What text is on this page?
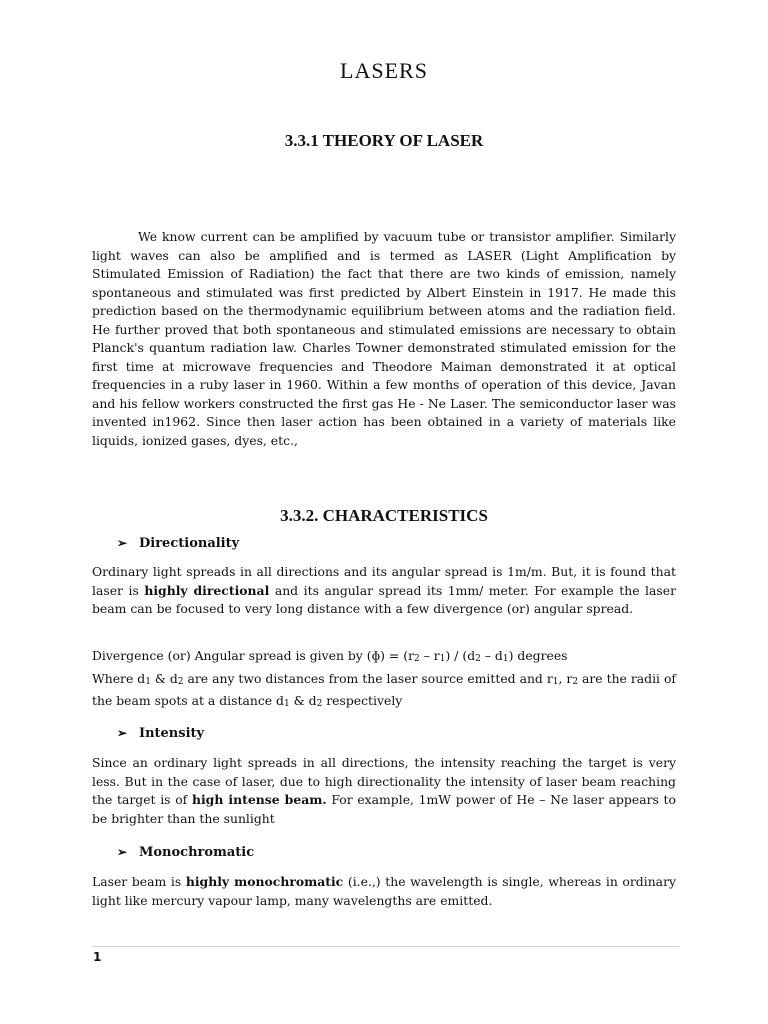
LASERS
3.3.1 THEORY OF LASER
We know current can be amplified by vacuum tube or transistor amplifier. Similarly light waves can also be amplified and is termed as LASER (Light Amplification by Stimulated Emission of Radiation) the fact that there are two kinds of emission, namely spontaneous and stimulated was first predicted by Albert Einstein in 1917. He made this prediction based on the thermodynamic equilibrium between atoms and the radiation field. He further proved that both spontaneous and stimulated emissions are necessary to obtain Planck's quantum radiation law. Charles Towner demonstrated stimulated emission for the first time at microwave frequencies and Theodore Maiman demonstrated it at optical frequencies in a ruby laser in 1960. Within a few months of operation of this device, Javan and his fellow workers constructed the first gas He - Ne Laser. The semiconductor laser was invented in1962. Since then laser action has been obtained in a variety of materials like liquids, ionized gases, dyes, etc.,
3.3.2. CHARACTERISTICS
➢ Directionality
Ordinary light spreads in all directions and its angular spread is 1m/m. But, it is found that laser is highly directional and its angular spread its 1mm/ meter. For example the laser beam can be focused to very long distance with a few divergence (or) angular spread.
Divergence (or) Angular spread is given by (ɸ) = (r2 – r1) / (d2 – d1) degrees
Where d1 & d2 are any two distances from the laser source emitted and r1, r2 are the radii of the beam spots at a distance d1 & d2 respectively
➢ Intensity
Since an ordinary light spreads in all directions, the intensity reaching the target is very less. But in the case of laser, due to high directionality the intensity of laser beam reaching the target is of high intense beam. For example, 1mW power of He – Ne laser appears to be brighter than the sunlight
➢ Monochromatic
Laser beam is highly monochromatic (i.e.,) the wavelength is single, whereas in ordinary light like mercury vapour lamp, many wavelengths are emitted.
1
